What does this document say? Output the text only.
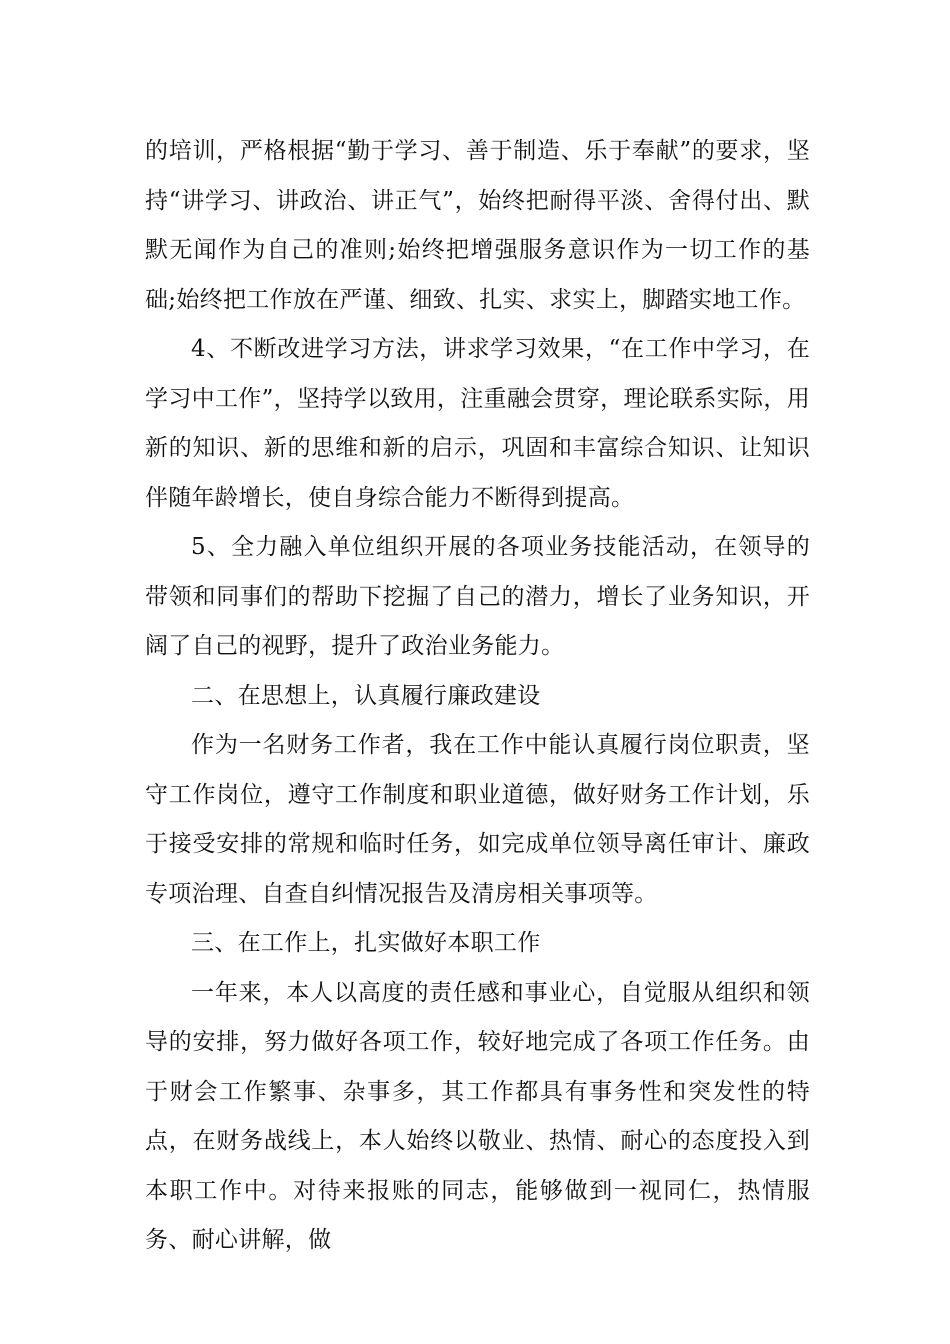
的培训，严格根据“勤于学习、善于制造、乐于奉献”的要求，坚持“讲学习、讲政治、讲正气”，始终把耐得平淡、舍得付出、默默无闻作为自己的准则;始终把增强服务意识作为一切工作的基础;始终把工作放在严谨、细致、扎实、求实上，脚踏实地工作。

4、不断改进学习方法，讲求学习效果，“在工作中学习，在学习中工作”，坚持学以致用，注重融会贯穿，理论联系实际，用新的知识、新的思维和新的启示，巩固和丰富综合知识、让知识伴随年龄增长，使自身综合能力不断得到提高。

5、全力融入单位组织开展的各项业务技能活动，在领导的带领和同事们的帮助下挖掘了自己的潜力，增长了业务知识，开阔了自己的视野，提升了政治业务能力。

二、在思想上，认真履行廉政建设

作为一名财务工作者，我在工作中能认真履行岗位职责，坚守工作岗位，遵守工作制度和职业道德，做好财务工作计划，乐于接受安排的常规和临时任务，如完成单位领导离任审计、廉政专项治理、自查自纠情况报告及清房相关事项等。

三、在工作上，扎实做好本职工作

一年来，本人以高度的责任感和事业心，自觉服从组织和领导的安排，努力做好各项工作，较好地完成了各项工作任务。由于财会工作繁事、杂事多，其工作都具有事务性和突发性的特点，在财务战线上，本人始终以敬业、热情、耐心的态度投入到本职工作中。对待来报账的同志，能够做到一视同仁，热情服务、耐心讲解，做
